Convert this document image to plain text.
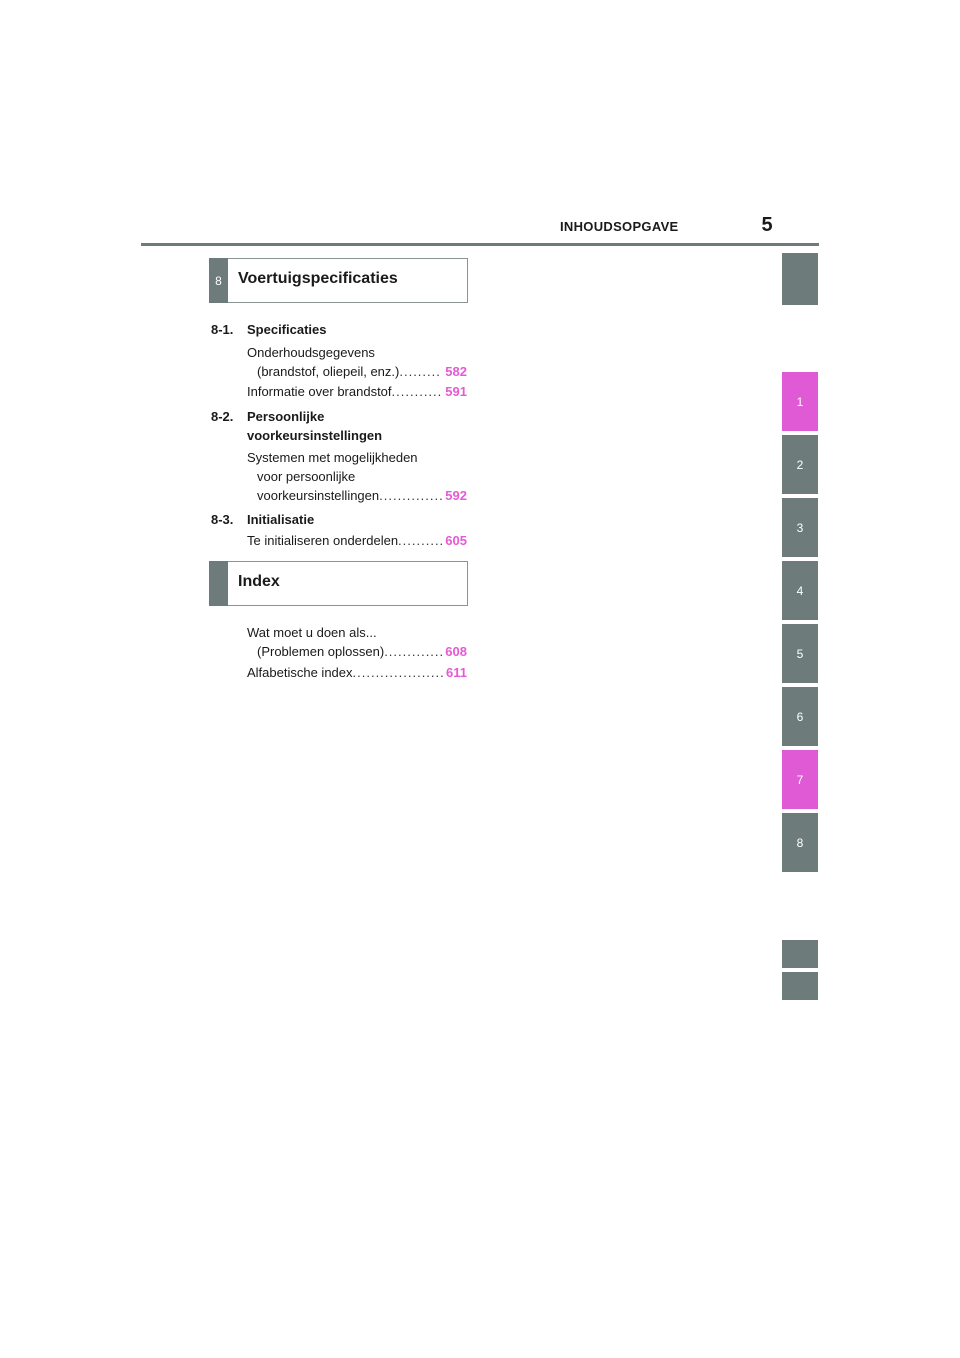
INHOUDSOPGAVE	5
8	Voertuigspecificaties
8-1. Specificaties
Onderhoudsgegevens
(brandstof, oliepeil, enz.) .....	582
Informatie over brandstof .....	591
8-2. Persoonlijke
voorkeursinstellingen
Systemen met mogelijkheden
voor persoonlijke
voorkeursinstellingen .....	592
8-3. Initialisatie
Te initialiseren onderdelen .....	605
Index
Wat moet u doen als...
(Problemen oplossen) .....	608
Alfabetische index .....	611
1
2
3
4
5
6
7
8
